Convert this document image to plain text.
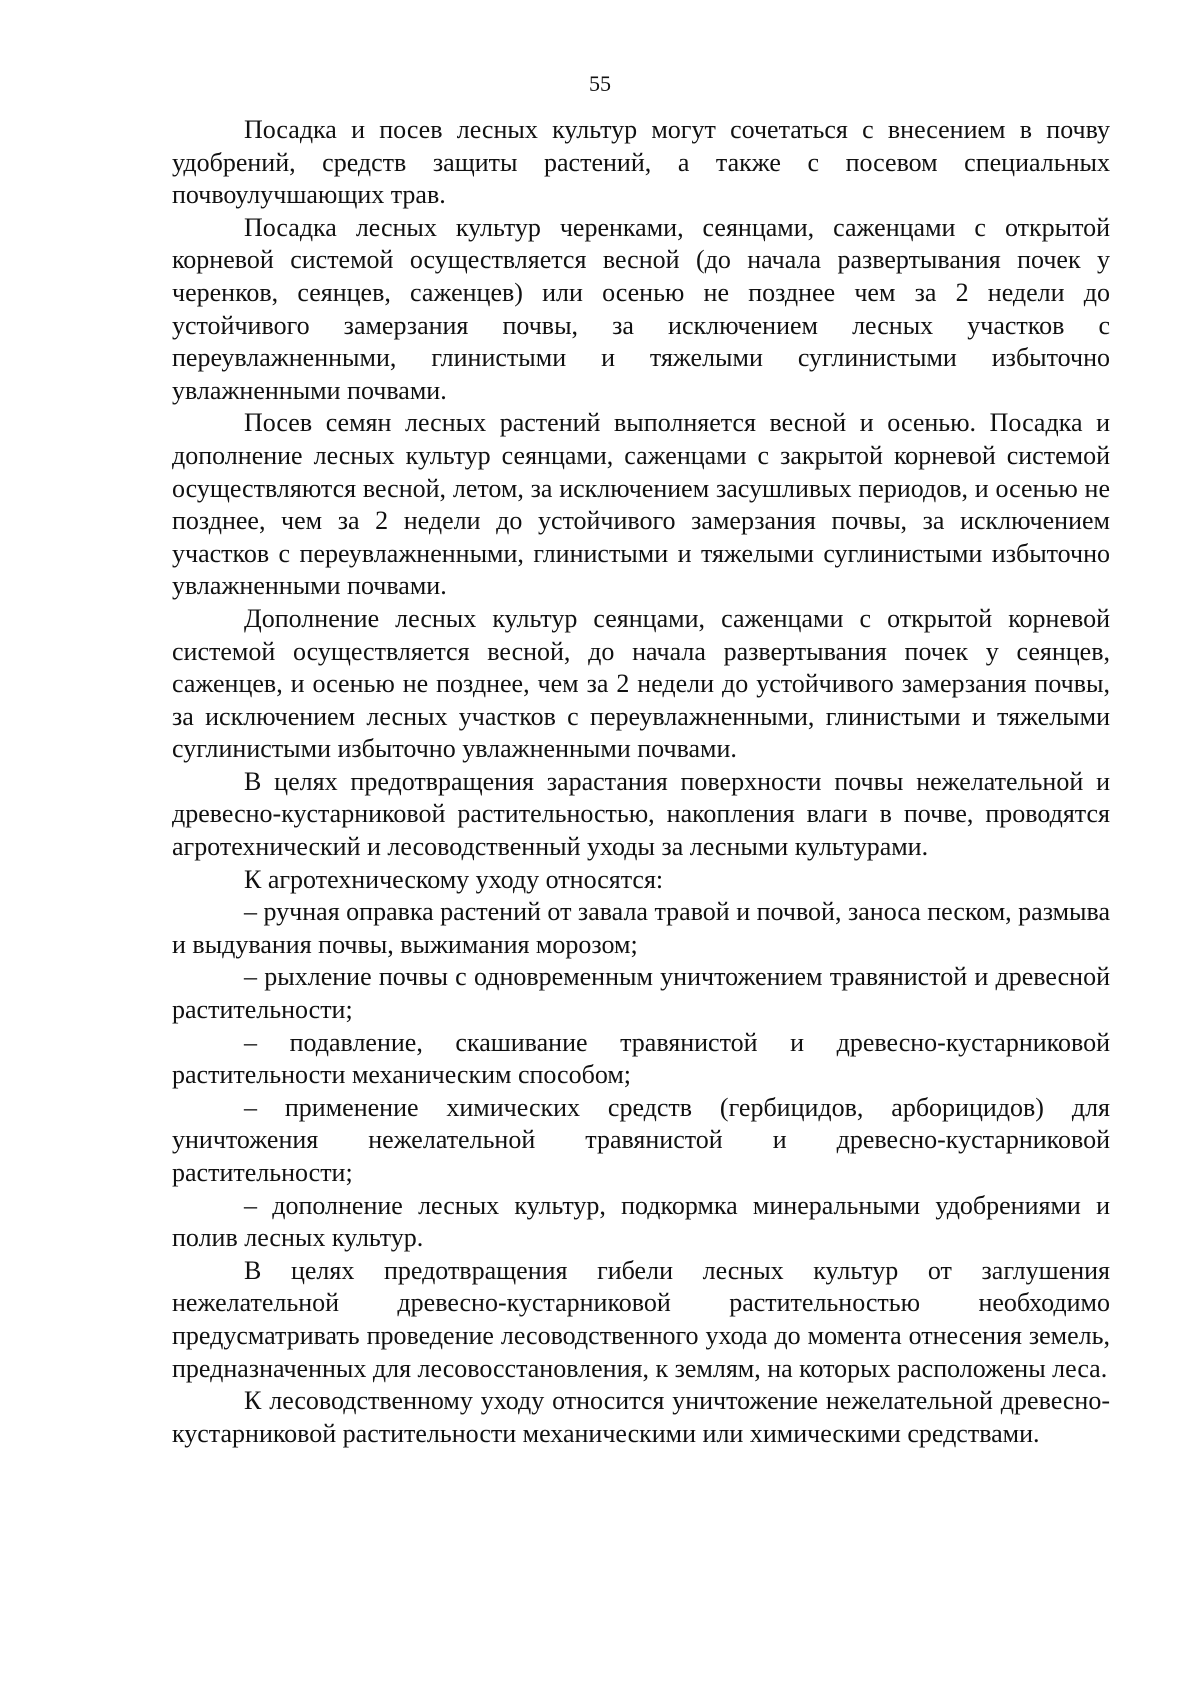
55

Посадка и посев лесных культур могут сочетаться с внесением в почву удобрений, средств защиты растений, а также с посевом специальных почвоулучшающих трав.

Посадка лесных культур черенками, сеянцами, саженцами с открытой корневой системой осуществляется весной (до начала развертывания почек у черенков, сеянцев, саженцев) или осенью не позднее чем за 2 недели до устойчивого замерзания почвы, за исключением лесных участков с переувлажненными, глинистыми и тяжелыми суглинистыми избыточно увлажненными почвами.

Посев семян лесных растений выполняется весной и осенью. Посадка и дополнение лесных культур сеянцами, саженцами с закрытой корневой системой осуществляются весной, летом, за исключением засушливых периодов, и осенью не позднее, чем за 2 недели до устойчивого замерзания почвы, за исключением участков с переувлажненными, глинистыми и тяжелыми суглинистыми избыточно увлажненными почвами.

Дополнение лесных культур сеянцами, саженцами с открытой корневой системой осуществляется весной, до начала развертывания почек у сеянцев, саженцев, и осенью не позднее, чем за 2 недели до устойчивого замерзания почвы, за исключением лесных участков с переувлажненными, глинистыми и тяжелыми суглинистыми избыточно увлажненными почвами.

В целях предотвращения зарастания поверхности почвы нежелательной и древесно-кустарниковой растительностью, накопления влаги в почве, проводятся агротехнический и лесоводственный уходы за лесными культурами.

К агротехническому уходу относятся:

– ручная оправка растений от завала травой и почвой, заноса песком, размыва и выдувания почвы, выжимания морозом;

– рыхление почвы с одновременным уничтожением травянистой и древесной растительности;

– подавление, скашивание травянистой и древесно-кустарниковой растительности механическим способом;

– применение химических средств (гербицидов, арборицидов) для уничтожения нежелательной травянистой и древесно-кустарниковой растительности;

– дополнение лесных культур, подкормка минеральными удобрениями и полив лесных культур.

В целях предотвращения гибели лесных культур от заглушения нежелательной древесно-кустарниковой растительностью необходимо предусматривать проведение лесоводственного ухода до момента отнесения земель, предназначенных для лесовосстановления, к землям, на которых расположены леса.

К лесоводственному уходу относится уничтожение нежелательной древесно-кустарниковой растительности механическими или химическими средствами.
